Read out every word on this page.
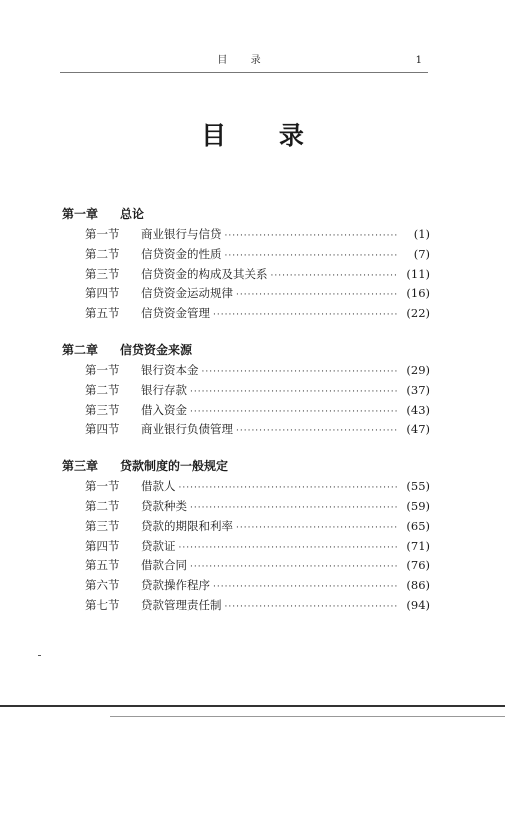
目 录	1
目 录
第一章 总论
第一节	商业银行与信贷 ·····	(1)
第二节	信贷资金的性质 ·····	(7)
第三节	信贷资金的构成及其关系 ·····	(11)
第四节	信贷资金运动规律 ·····	(16)
第五节	信贷资金管理 ·····	(22)
第二章 信贷资金来源
第一节	银行资本金 ·····	(29)
第二节	银行存款 ·····	(37)
第三节	借入资金 ·····	(43)
第四节	商业银行负债管理 ·····	(47)
第三章 贷款制度的一般规定
第一节	借款人 ·····	(55)
第二节	贷款种类 ·····	(59)
第三节	贷款的期限和利率 ·····	(65)
第四节	贷款证 ·····	(71)
第五节	借款合同 ·····	(76)
第六节	贷款操作程序 ·····	(86)
第七节	贷款管理责任制 ·····	(94)
